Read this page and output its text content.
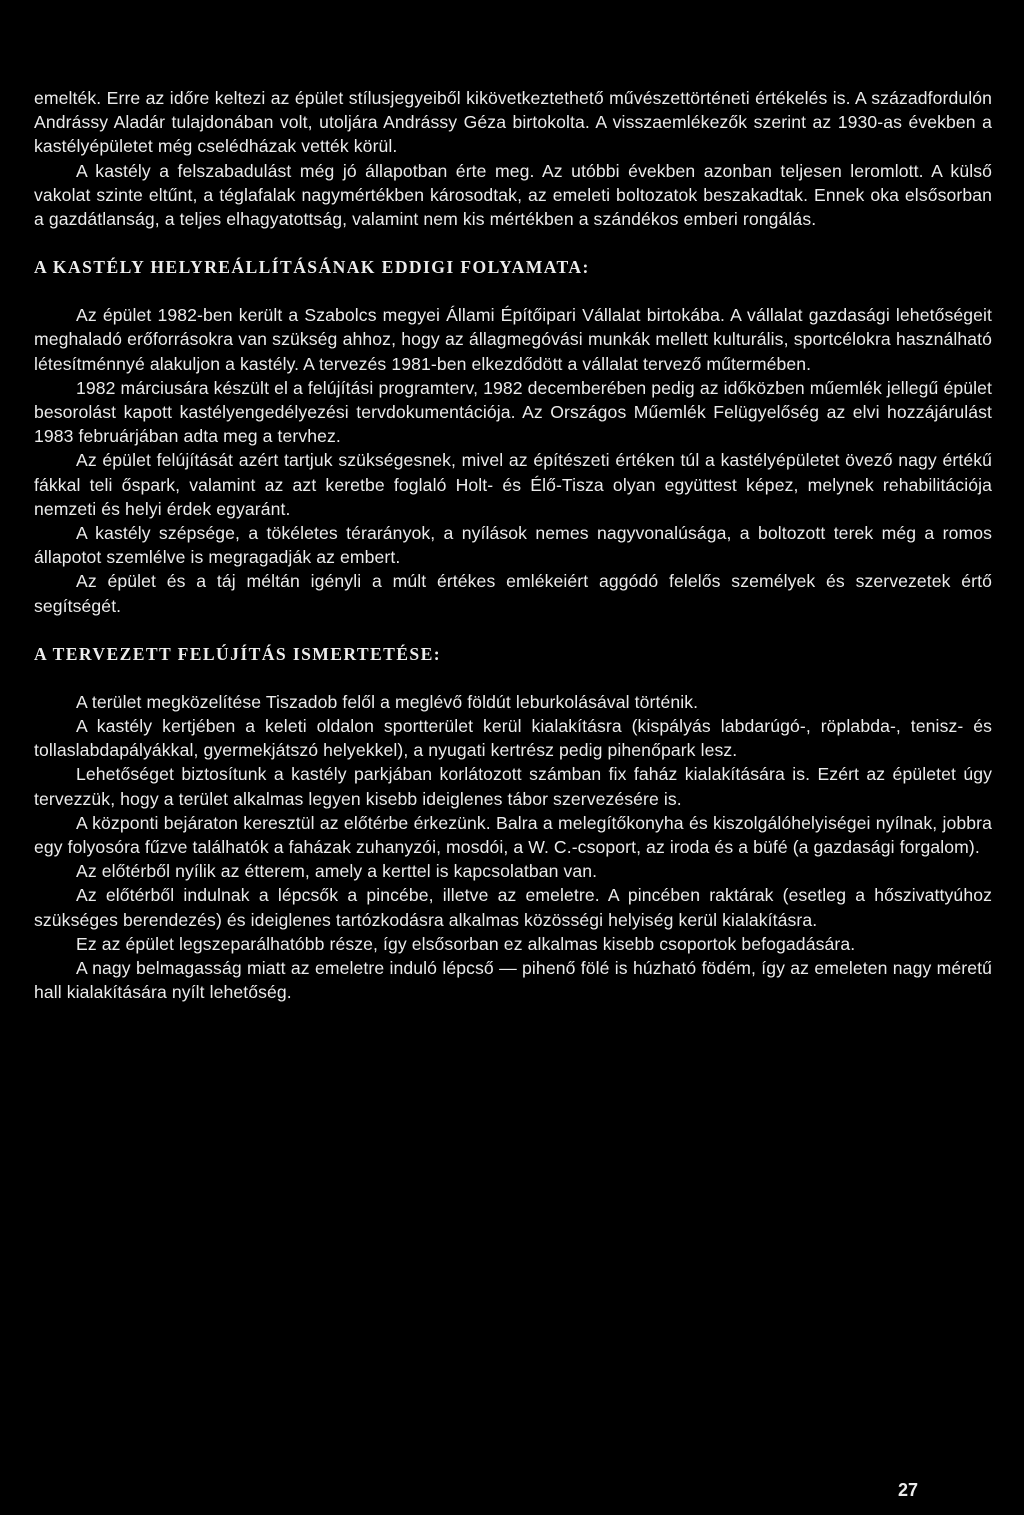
emelték. Erre az időre keltezi az épület stílusjegyeiből kikövetkeztethető művészettörténeti értékelés is. A századfordulón Andrássy Aladár tulajdonában volt, utoljára Andrássy Géza birtokolta. A visszaemlékezők szerint az 1930-as években a kastélyépületet még cselédházak vették körül.

A kastély a felszabadulást még jó állapotban érte meg. Az utóbbi években azonban teljesen leromlott. A külső vakolat szinte eltűnt, a téglafalak nagymértékben károsodtak, az emeleti boltozatok beszakadtak. Ennek oka elsősorban a gazdátlanság, a teljes elhagyatottság, valamint nem kis mértékben a szándékos emberi rongálás.

A KASTÉLY HELYREÁLLÍTÁSÁNAK EDDIGI FOLYAMATA:

Az épület 1982-ben került a Szabolcs megyei Állami Építőipari Vállalat birtokába. A vállalat gazdasági lehetőségeit meghaladó erőforrásokra van szükség ahhoz, hogy az állagmegóvási munkák mellett kulturális, sportcélokra használható létesítménnyé alakuljon a kastély. A tervezés 1981-ben elkezdődött a vállalat tervező műtermében.

1982 márciusára készült el a felújítási programterv, 1982 decemberében pedig az időközben műemlék jellegű épület besorolást kapott kastélyengedélyezési tervdokumentációja. Az Országos Műemlék Felügyelőség az elvi hozzájárulást 1983 februárjában adta meg a tervhez.

Az épület felújítását azért tartjuk szükségesnek, mivel az építészeti értéken túl a kastélyépületet övező nagy értékű fákkal teli őspark, valamint az azt keretbe foglaló Holt- és Élő-Tisza olyan együttest képez, melynek rehabilitációja nemzeti és helyi érdek egyaránt.

A kastély szépsége, a tökéletes térarányok, a nyílások nemes nagyvonalúsága, a boltozott terek még a romos állapotot szemlélve is megragadják az embert.

Az épület és a táj méltán igényli a múlt értékes emlékeiért aggódó felelős személyek és szervezetek értő segítségét.

A TERVEZETT FELÚJÍTÁS ISMERTETÉSE:

A terület megközelítése Tiszadob felől a meglévő földút leburkolásával történik.

A kastély kertjében a keleti oldalon sportterület kerül kialakításra (kispályás labdarúgó-, röplabda-, tenisz- és tollaslabdapályákkal, gyermekjátszó helyekkel), a nyugati kertrész pedig pihenőpark lesz.

Lehetőséget biztosítunk a kastély parkjában korlátozott számban fix faház kialakítására is. Ezért az épületet úgy tervezzük, hogy a terület alkalmas legyen kisebb ideiglenes tábor szervezésére is.

A központi bejáraton keresztül az előtérbe érkezünk. Balra a melegítőkonyha és kiszolgálóhelyiségei nyílnak, jobbra egy folyosóra fűzve találhatók a faházak zuhanyzói, mosdói, a W. C.-csoport, az iroda és a büfé (a gazdasági forgalom).

Az előtérből nyílik az étterem, amely a kerttel is kapcsolatban van.

Az előtérből indulnak a lépcsők a pincébe, illetve az emeletre. A pincében raktárak (esetleg a hőszivattyúhoz szükséges berendezés) és ideiglenes tartózkodásra alkalmas közösségi helyiség kerül kialakításra.

Ez az épület legszeparálhatóbb része, így elsősorban ez alkalmas kisebb csoportok befogadására.

A nagy belmagasság miatt az emeletre induló lépcső — pihenő fölé is húzható födém, így az emeleten nagy méretű hall kialakítására nyílt lehetőség.

27
